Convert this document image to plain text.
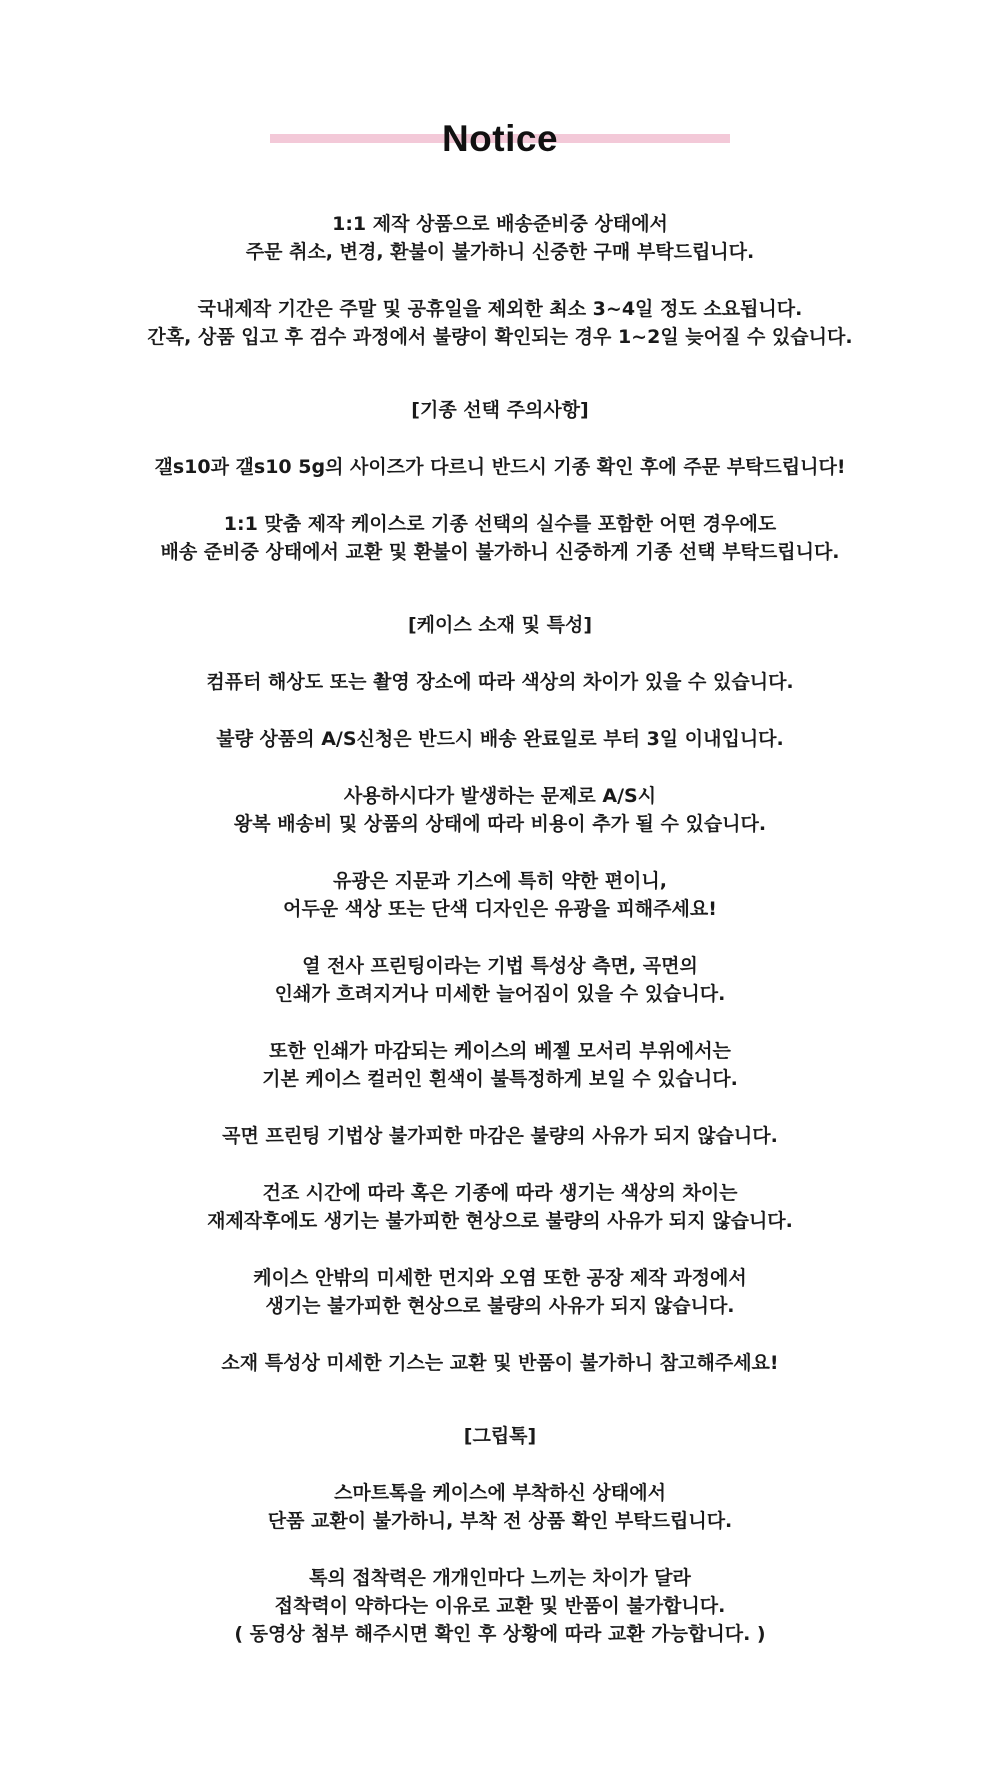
Notice
1:1 제작 상품으로 배송준비중 상태에서
주문 취소, 변경, 환불이 불가하니 신중한 구매 부탁드립니다.
국내제작 기간은 주말 및 공휴일을 제외한 최소 3~4일 정도 소요됩니다.
간혹, 상품 입고 후 검수 과정에서 불량이 확인되는 경우 1~2일 늦어질 수 있습니다.
[기종 선택 주의사항]
갤s10과 갤s10 5g의 사이즈가 다르니 반드시 기종 확인 후에 주문 부탁드립니다!
1:1 맞춤 제작 케이스로 기종 선택의 실수를 포함한 어떤 경우에도
배송 준비중 상태에서 교환 및 환불이 불가하니 신중하게 기종 선택 부탁드립니다.
[케이스 소재 및 특성]
컴퓨터 해상도 또는 촬영 장소에 따라 색상의 차이가 있을 수 있습니다.
불량 상품의 A/S신청은 반드시 배송 완료일로 부터 3일 이내입니다.
사용하시다가 발생하는 문제로 A/S시
왕복 배송비 및 상품의 상태에 따라 비용이 추가 될 수 있습니다.
유광은 지문과 기스에 특히 약한 편이니,
어두운 색상 또는 단색 디자인은 유광을 피해주세요!
열 전사 프린팅이라는 기법 특성상 측면, 곡면의
인쇄가 흐려지거나 미세한 늘어짐이 있을 수 있습니다.
또한 인쇄가 마감되는 케이스의 베젤 모서리 부위에서는
기본 케이스 컬러인 흰색이 불특정하게 보일 수 있습니다.
곡면 프린팅 기법상 불가피한 마감은 불량의 사유가 되지 않습니다.
건조 시간에 따라 혹은 기종에 따라 생기는 색상의 차이는
재제작후에도 생기는 불가피한 현상으로 불량의 사유가 되지 않습니다.
케이스 안밖의 미세한 먼지와 오염 또한 공장 제작 과정에서
생기는 불가피한 현상으로 불량의 사유가 되지 않습니다.
소재 특성상 미세한 기스는 교환 및 반품이 불가하니 참고해주세요!
[그립톡]
스마트톡을 케이스에 부착하신 상태에서
단품 교환이 불가하니, 부착 전 상품 확인 부탁드립니다.
톡의 접착력은 개개인마다 느끼는 차이가 달라
접착력이 약하다는 이유로 교환 및 반품이 불가합니다.
( 동영상 첨부 해주시면 확인 후 상황에 따라 교환 가능합니다. )
